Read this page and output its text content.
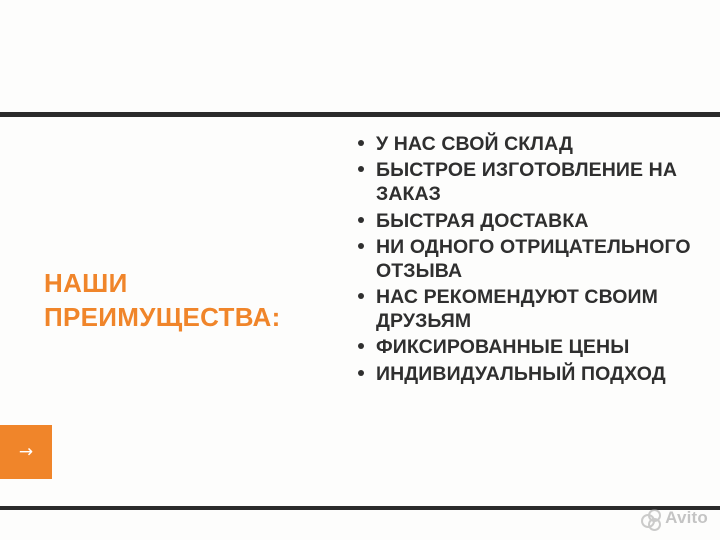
НАШИ
ПРЕИМУЩЕСТВА:
У НАС СВОЙ СКЛАД
БЫСТРОЕ ИЗГОТОВЛЕНИЕ НА ЗАКАЗ
БЫСТРАЯ ДОСТАВКА
НИ ОДНОГО ОТРИЦАТЕЛЬНОГО ОТЗЫВА
НАС РЕКОМЕНДУЮТ СВОИМ ДРУЗЬЯМ
ФИКСИРОВАННЫЕ ЦЕНЫ
ИНДИВИДУАЛЬНЫЙ ПОДХОД
→
Avito
